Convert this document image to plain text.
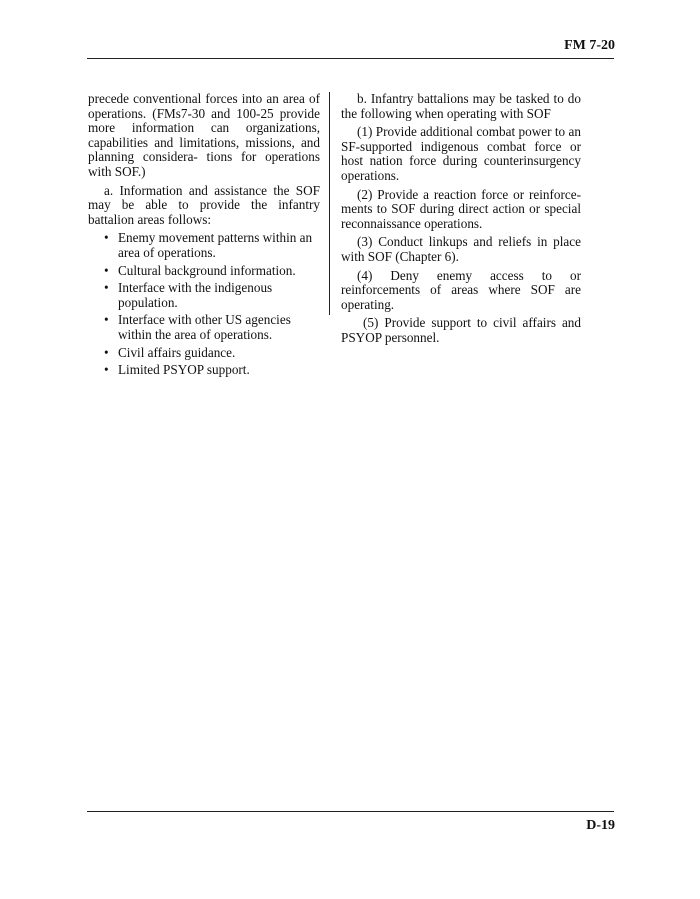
FM 7-20

precede conventional forces into an area of operations. (FMs7-30 and 100-25 provide more information can organizations, capabilities and limitations, missions, and planning considera- tions for operations with SOF.)

a. Information and assistance the SOF may be able to provide the infantry battalion areas follows:

• Enemy movement patterns within an area of operations.
• Cultural background information.
• Interface with the indigenous population.
• Interface with other US agencies within the area of operations.
• Civil affairs guidance.
• Limited PSYOP support.

b. Infantry battalions may be tasked to do the following when operating with SOF

(1) Provide additional combat power to an SF-supported indigenous combat force or host nation force during counterinsurgency operations.

(2) Provide a reaction force or reinforce- ments to SOF during direct action or special reconnaissance operations.

(3) Conduct linkups and reliefs in place with SOF (Chapter 6).

(4) Deny enemy access to or reinforcements of areas where SOF are operating.

(5) Provide support to civil affairs and PSYOP personnel.

D-19
